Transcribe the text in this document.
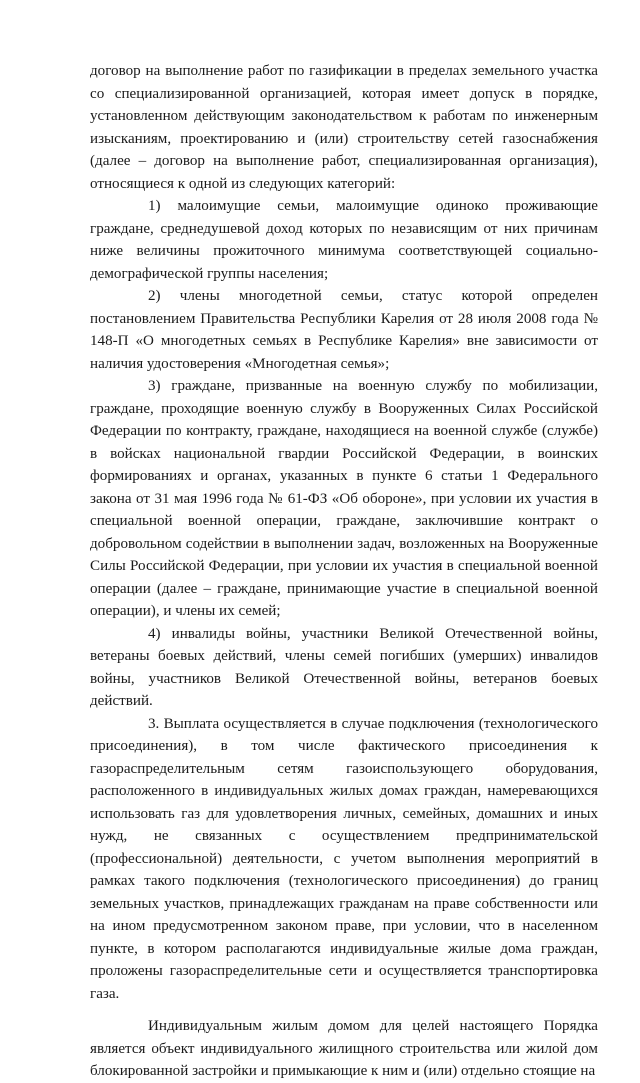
договор на выполнение работ по газификации в пределах земельного участка со специализированной организацией, которая имеет допуск в порядке, установленном действующим законодательством к работам по инженерным изысканиям, проектированию и (или) строительству сетей газоснабжения (далее – договор на выполнение работ, специализированная организация), относящиеся к одной из следующих категорий:

1) малоимущие семьи, малоимущие одиноко проживающие граждане, среднедушевой доход которых по независящим от них причинам ниже величины прожиточного минимума соответствующей социально-демографической группы населения;

2) члены многодетной семьи, статус которой определен постановлением Правительства Республики Карелия от 28 июля 2008 года № 148-П «О многодетных семьях в Республике Карелия» вне зависимости от наличия удостоверения «Многодетная семья»;

3) граждане, призванные на военную службу по мобилизации, граждане, проходящие военную службу в Вооруженных Силах Российской Федерации по контракту, граждане, находящиеся на военной службе (службе) в войсках национальной гвардии Российской Федерации, в воинских формированиях и органах, указанных в пункте 6 статьи 1 Федерального закона от 31 мая 1996 года № 61-ФЗ «Об обороне», при условии их участия в специальной военной операции, граждане, заключившие контракт о добровольном содействии в выполнении задач, возложенных на Вооруженные Силы Российской Федерации, при условии их участия в специальной военной операции (далее – граждане, принимающие участие в специальной военной операции), и члены их семей;

4) инвалиды войны, участники Великой Отечественной войны, ветераны боевых действий, члены семей погибших (умерших) инвалидов войны, участников Великой Отечественной войны, ветеранов боевых действий.

3. Выплата осуществляется в случае подключения (технологического присоединения), в том числе фактического присоединения к газораспределительным сетям газоиспользующего оборудования, расположенного в индивидуальных жилых домах граждан, намеревающихся использовать газ для удовлетворения личных, семейных, домашних и иных нужд, не связанных с осуществлением предпринимательской (профессиональной) деятельности, с учетом выполнения мероприятий в рамках такого подключения (технологического присоединения) до границ земельных участков, принадлежащих гражданам на праве собственности или на ином предусмотренном законом праве, при условии, что в населенном пункте, в котором располагаются индивидуальные жилые дома граждан, проложены газораспределительные сети и осуществляется транспортировка газа.

Индивидуальным жилым домом для целей настоящего Порядка является объект индивидуального жилищного строительства или жилой дом блокированной застройки и примыкающие к ним и (или) отдельно стоящие на
